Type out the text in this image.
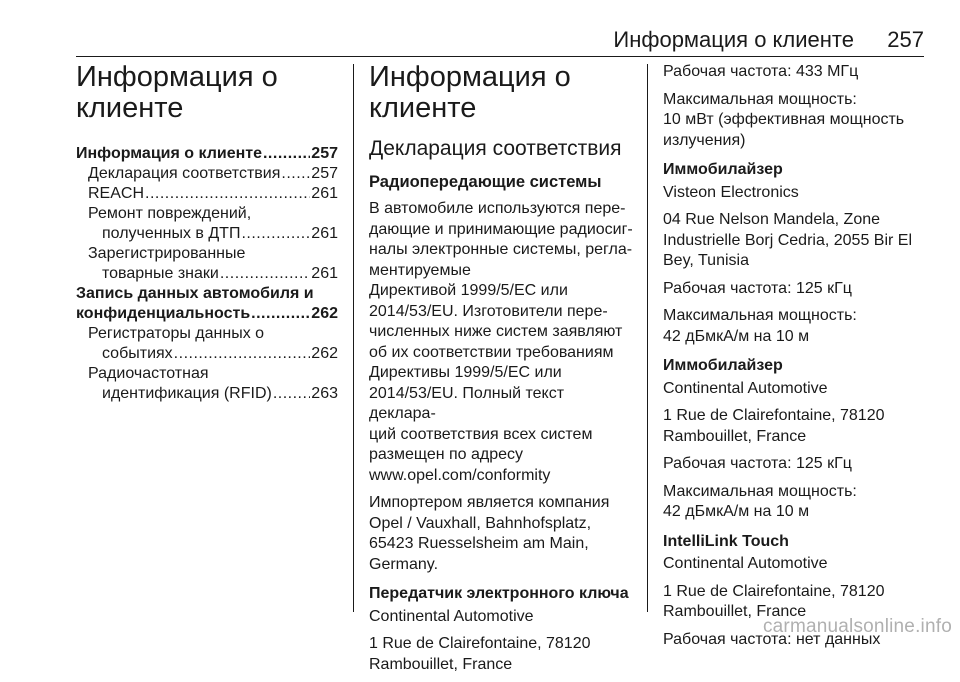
Информация о клиенте 257
Информация о
клиенте
Информация о клиенте .....	257
Декларация соответствия ..... 257
REACH .....	261
Ремонт повреждений,
полученных в ДТП .....	261
Зарегистрированные
товарные знаки .....	261
Запись данных автомобиля и
конфиденциальность .....	262
Регистраторы данных о
событиях .....	262
Радиочастотная
идентификация (RFID) ..... 263
Информация о
клиенте
Декларация соответствия
Радиопередающие системы

В автомобиле используются пере‐
дающие и принимающие радиосиг‐
налы электронные системы, регла‐
ментируемые
Директивой 1999/5/EC или
2014/53/EU. Изготовители пере‐
численных ниже систем заявляют
об их соответствии требованиям
Директивы 1999/5/EC или
2014/53/EU. Полный текст деклара‐
ций соответствия всех систем
размещен по адресу
www.opel.com/conformity

Импортером является компания
Opel / Vauxhall, Bahnhofsplatz,
65423 Ruesselsheim am Main,
Germany.

Передатчик электронного ключа

Continental Automotive

1 Rue de Clairefontaine, 78120
Rambouillet, France

Рабочая частота: 433 МГц

Максимальная мощность:
10 мВт (эффективная мощность
излучения)

Иммобилайзер

Visteon Electronics

04 Rue Nelson Mandela, Zone
Industrielle Borj Cedria, 2055 Bir El
Bey, Tunisia

Рабочая частота: 125 кГц

Максимальная мощность:
42 дБмкА/м на 10 м

Иммобилайзер

Continental Automotive

1 Rue de Clairefontaine, 78120
Rambouillet, France

Рабочая частота: 125 кГц

Максимальная мощность:
42 дБмкА/м на 10 м

IntelliLink Touch

Continental Automotive

1 Rue de Clairefontaine, 78120
Rambouillet, France

Рабочая частота: нет данных

carmanualsonline.info
